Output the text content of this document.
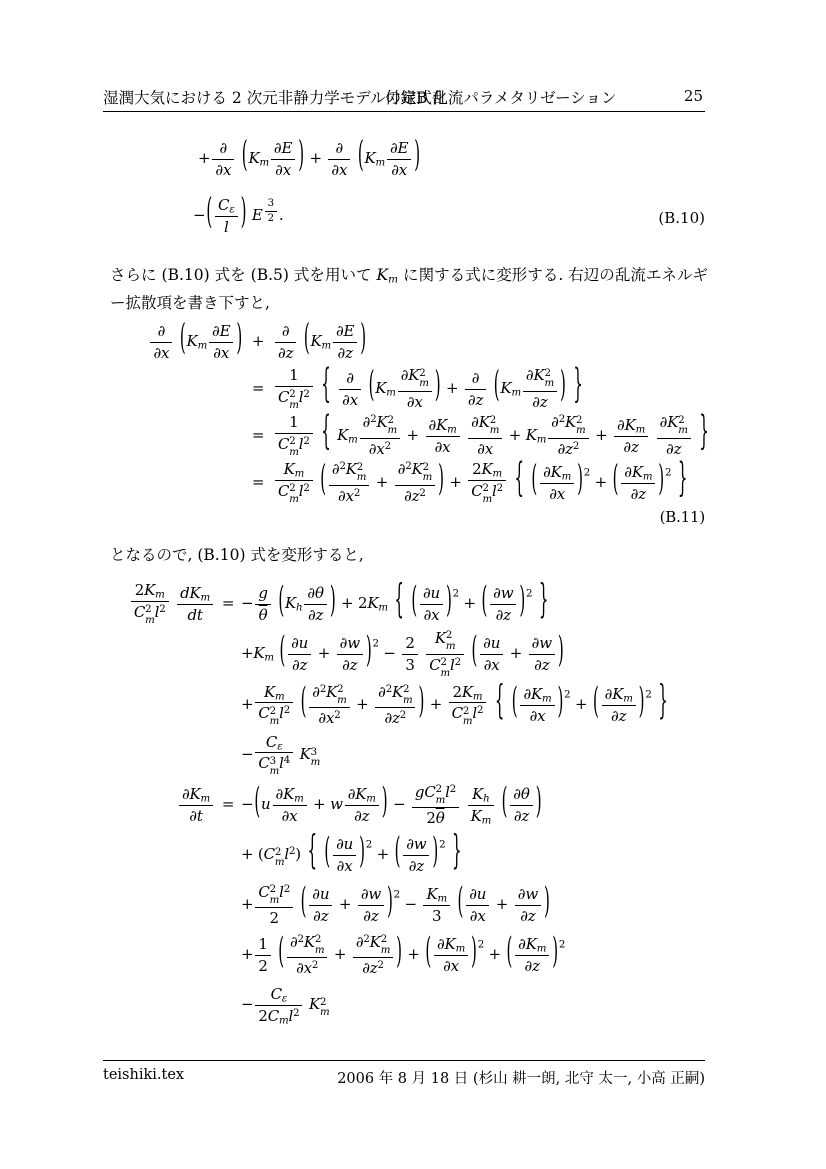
湿潤大気における 2 次元非静力学モデルの定式化
付録B 乱流パラメタリゼーション	25
+ $\frac{\partial}{\partial x} (K_m \frac{\partial E}{\partial x}$ ) + $\frac{\partial}{\partial x} (K_m \frac{\partial E}{\partial x}$ )
−( $\frac{C_\varepsilon}{l}$ ) E $^{\frac{3}{2}}$ .	(B.10)

さらに (B.10) 式を (B.5) 式を用いて $K_m$ に関する式に変形する. 右辺の乱流エネルギー拡散項を書き下すと,

$\frac{\partial}{\partial x} (K_m \frac{\partial E}{\partial x}$ ) + $\frac{\partial}{\partial z} (K_m \frac{\partial E}{\partial z}$ )
= 1
C 2
m $l^2$ { $\frac{\partial}{\partial x} (K_m$ ∂K 2
m
∂x ) + $\frac{\partial}{\partial z} (K_m$ ∂K 2
m
∂z ) }
= 1
C 2
m $l^2$ { $K_m$ ∂$^2$K 2
m
$\partial x^2 + \frac{\partial K_m}{\partial x}$
∂K 2
m
$\partial x + K_m$ ∂$^2$K 2
m
$\partial z^2 + \frac{\partial K_m}{\partial z}$
∂K 2
m
∂z }
= $K_m$
C 2
m $l^2$ ( ∂$^2$K 2
m
$\partial x^2 + \partial^2K$ 2
m
$\partial z^2$ ) + $2K_m$
C 2
m $l^2$ { ( $\frac{\partial K_m}{\partial x} )^2$ + ( $\frac{\partial K_m}{\partial z} )^2$ }
(B.11)

となるので, (B.10) 式を変形すると,

$2K_m$
C 2
m $l^2$
$\frac{dK_m}{dt}$ = − $\frac{g}{\theta} (K_h \frac{\partial\theta}{\partial z}$ ) + $2K_m$ { ( $\frac{\partial u}{\partial x} )^2$ + ( $\frac{\partial w}{\partial z} )^2$ }
$+K_m$ ( $\frac{\partial u}{\partial z} + \frac{\partial w}{\partial z} )^2 - \frac{2}{3}$
K 2
m
C 2
m $l^2$ ( $\frac{\partial u}{\partial x} + \frac{\partial w}{\partial z}$ )
+ $K_m$
C 2
m $l^2$ ( ∂$^2$K 2
m
$\partial x^2 + \partial^2K$ 2
m
$\partial z^2$ ) + $2K_m$
C 2
m $l^2$ { ( $\frac{\partial K_m}{\partial x} )^2$ + ( $\frac{\partial K_m}{\partial z} )^2$ }
− $C_\varepsilon$
C 3
m $l^4$ K 3
m
$\frac{\partial K_m}{\partial t} = -(u \frac{\partial K_m}{\partial x} + w \frac{\partial K_m}{\partial z}$ ) − gC 2
m $l^2$
$2\overline{\theta}$
$\frac{K_h}{K_m}$ ( $\frac{\partial\theta}{\partial z}$ )
+ (C 2
m $l^2$) { ( $\frac{\partial u}{\partial x} )^2$ + ( $\frac{\partial w}{\partial z} )^2$ }
+ C 2
m $l^2$
2 ( $\frac{\partial u}{\partial z} + \frac{\partial w}{\partial z} )^2 - \frac{K_m}{3}$ ( $\frac{\partial u}{\partial x} + \frac{\partial w}{\partial z}$ )
+ $\frac{1}{2}$ ( ∂$^2$K 2
m
$\partial x^2 + \partial^2K$ 2
m
$\partial z^2$ ) + ( $\frac{\partial K_m}{\partial x} )^2$ + ( $\frac{\partial K_m}{\partial z} )^2$
− $\frac{C_\varepsilon}{2C_ml^2}$ K 2
m
teishiki.tex	2006 年 8 月 18 日 (杉山 耕一朗, 北守 太一, 小高 正嗣)
